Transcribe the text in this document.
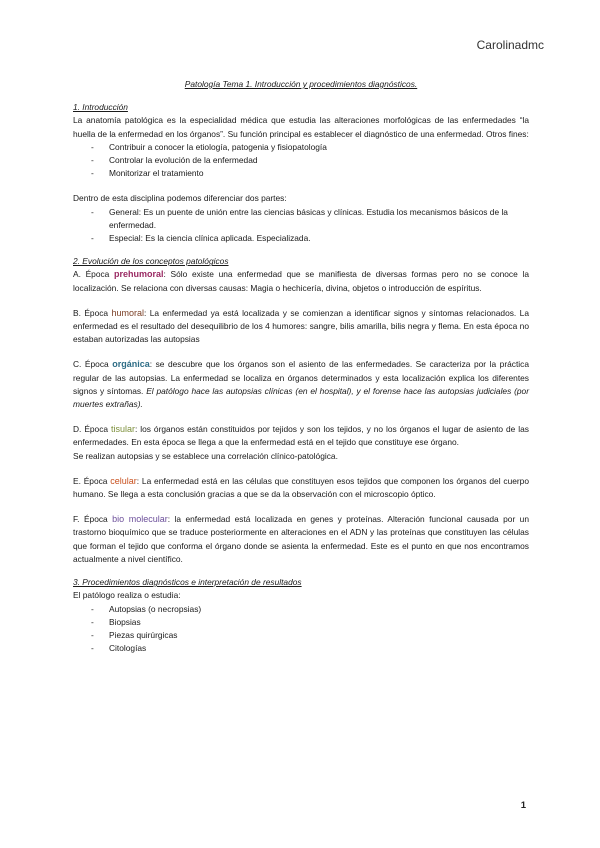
Carolinadmc
Patología Tema 1. Introducción y procedimientos diagnósticos.
1. Introducción

La anatomía patológica es la especialidad médica que estudia las alteraciones morfológicas de las enfermedades “la huella de la enfermedad en los órganos”. Su función principal es establecer el diagnóstico de una enfermedad. Otros fines:

- Contribuir a conocer la etiología, patogenia y fisiopatología
- Controlar la evolución de la enfermedad
- Monitorizar el tratamiento

Dentro de esta disciplina podemos diferenciar dos partes:

- General: Es un puente de unión entre las ciencias básicas y clínicas. Estudia los mecanismos básicos de la enfermedad.
- Especial: Es la ciencia clínica aplicada. Especializada.
2. Evolución de los conceptos patológicos

A. Época prehumoral: Sólo existe una enfermedad que se manifiesta de diversas formas pero no se conoce la localización. Se relaciona con diversas causas: Magia o hechicería, divina, objetos o introducción de espíritus.

B. Época humoral: La enfermedad ya está localizada y se comienzan a identificar signos y síntomas relacionados. La enfermedad es el resultado del desequilibrio de los 4 humores: sangre, bilis amarilla, bilis negra y flema. En esta época no estaban autorizadas las autopsias

C. Época orgánica: se descubre que los órganos son el asiento de las enfermedades. Se caracteriza por la práctica regular de las autopsias. La enfermedad se localiza en órganos determinados y esta localización explica los diferentes signos y síntomas. El patólogo hace las autopsias clínicas (en el hospital), y el forense hace las autopsias judiciales (por muertes extrañas).

D. Época tisular: los órganos están constituidos por tejidos y son los tejidos, y no los órganos el lugar de asiento de las enfermedades. En esta época se llega a que la enfermedad está en el tejido que constituye ese órgano.

Se realizan autopsias y se establece una correlación clínico-patológica.

E. Época celular: La enfermedad está en las células que constituyen esos tejidos que componen los órganos del cuerpo humano. Se llega a esta conclusión gracias a que se da la observación con el microscopio óptico.

F. Época bio molecular: la enfermedad está localizada en genes y proteínas. Alteración funcional causada por un trastorno bioquímico que se traduce posteriormente en alteraciones en el ADN y las proteínas que constituyen las células que forman el tejido que conforma el órgano donde se asienta la enfermedad. Este es el punto en que nos encontramos actualmente a nivel científico.

3. Procedimientos diagnósticos e interpretación de resultados

El patólogo realiza o estudia:

- Autopsias (o necropsias)
- Biopsias
- Piezas quirúrgicas
- Citologías
1
